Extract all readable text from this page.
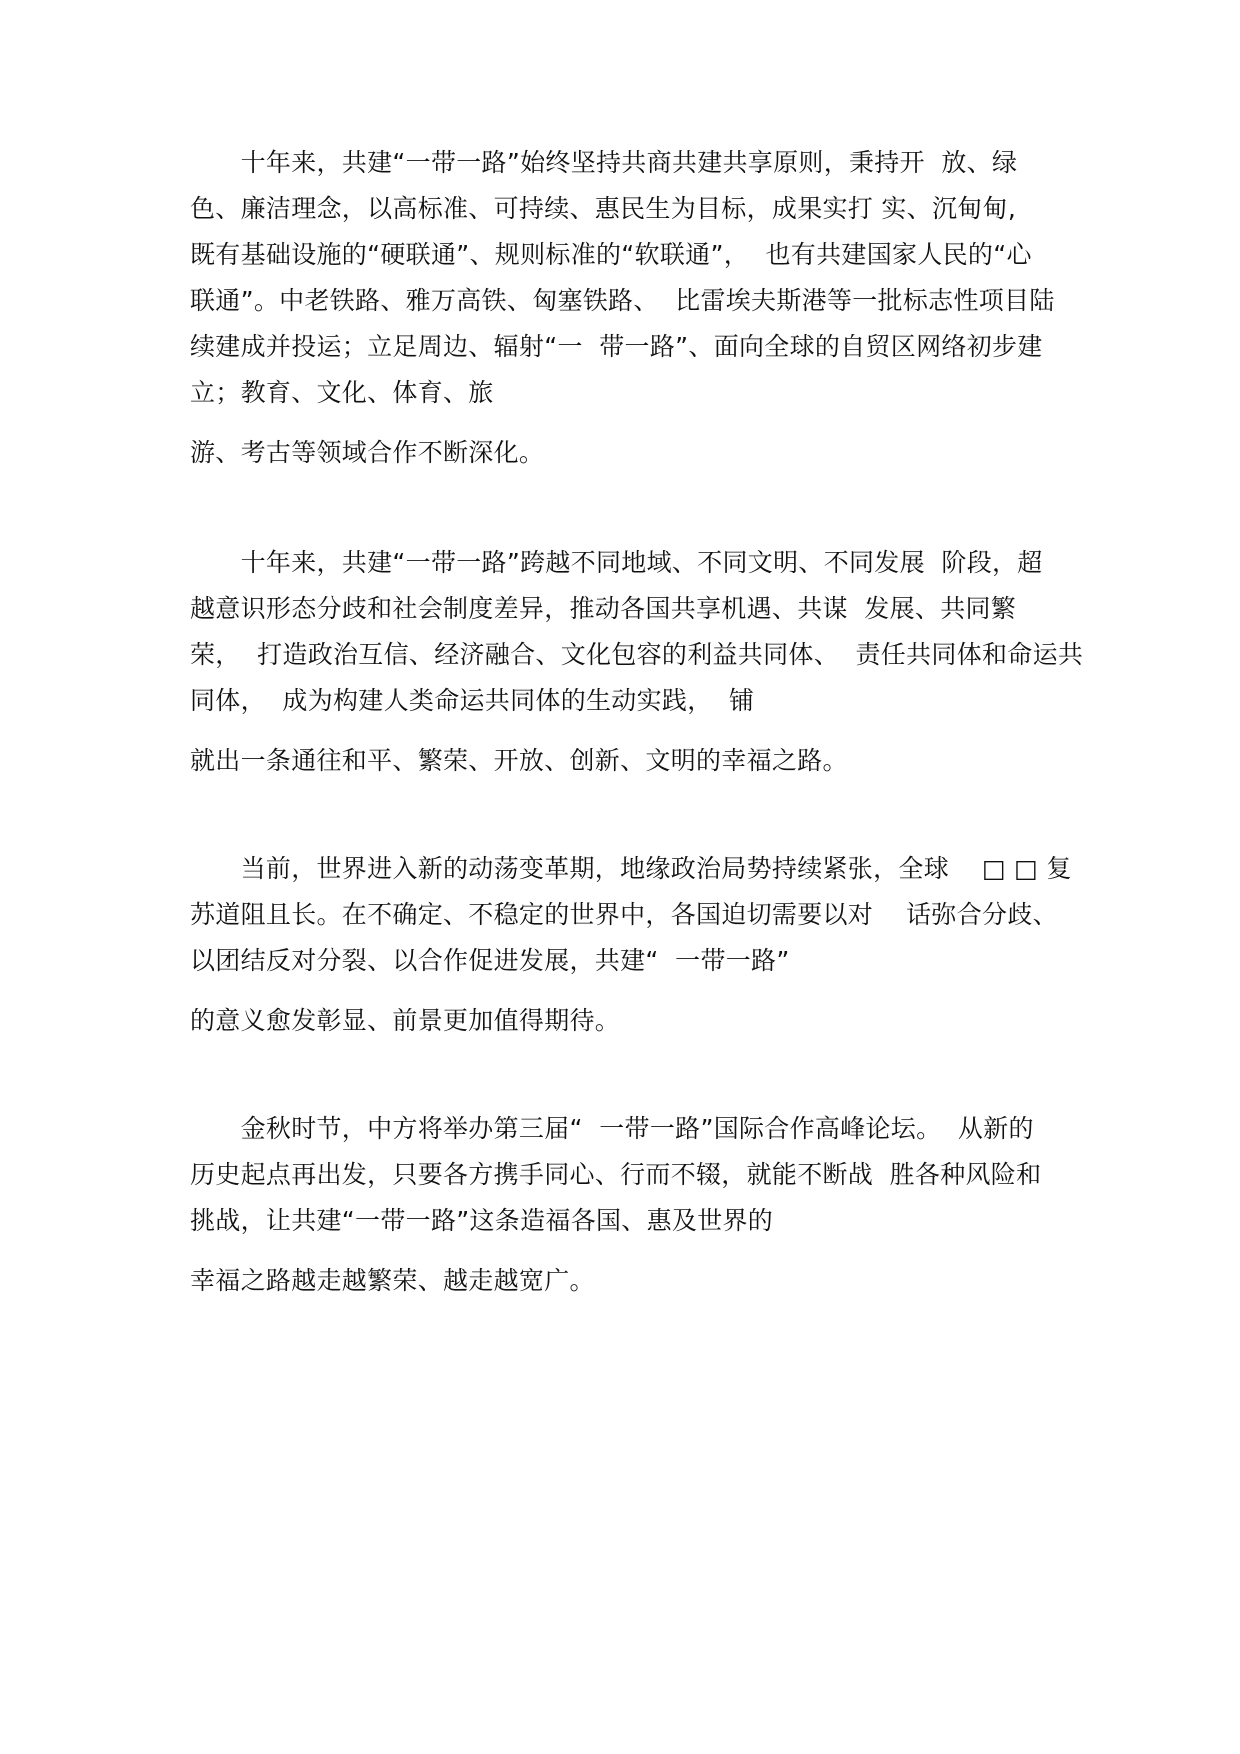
　　十年来，共建“一带一路”始终坚持共商共建共享原则，秉持开  放、绿
色、廉洁理念，以高标准、可持续、惠民生为目标，成果实打 实、沉甸甸,
既有基础设施的“硬联通”、规则标准的“软联通”，  也有共建国家人民的“心
联通”。中老铁路、雅万高铁、匈塞铁路、  比雷埃夫斯港等一批标志性项目陆
续建成并投运；立足周边、辐射“一  带一路”、面向全球的自贸区网络初步建
立；教育、文化、体育、旅
游、考古等领域合作不断深化。
　　十年来，共建“一带一路”跨越不同地域、不同文明、不同发展  阶段，超
越意识形态分歧和社会制度差异，推动各国共享机遇、共谋  发展、共同繁
荣，  打造政治互信、经济融合、文化包容的利益共同体、  责任共同体和命运共
同体，  成为构建人类命运共同体的生动实践，  铺
就出一条通往和平、繁荣、开放、创新、文明的幸福之路。
　　当前，世界进入新的动荡变革期，地缘政治局势持续紧张，全球    □ □ 复
苏道阻且长。在不确定、不稳定的世界中，各国迫切需要以对    话弥合分歧、
以团结反对分裂、以合作促进发展，共建“  一带一路”
的意义愈发彰显、前景更加值得期待。
　　金秋时节，中方将举办第三届“  一带一路”国际合作高峰论坛。  从新的
历史起点再出发，只要各方携手同心、行而不辍，就能不断战  胜各种风险和
挑战，让共建“一带一路”这条造福各国、惠及世界的
幸福之路越走越繁荣、越走越宽广。
